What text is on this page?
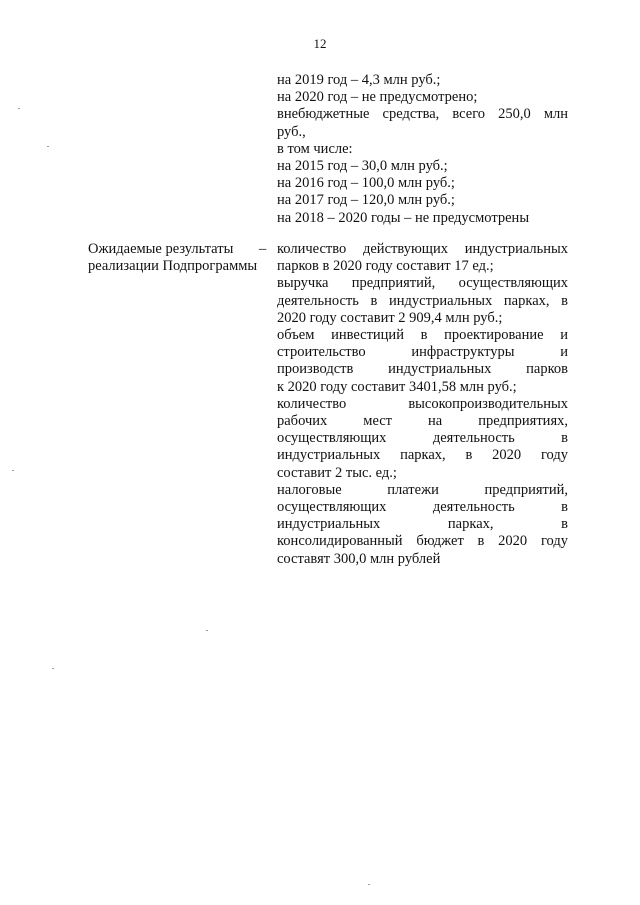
12
на 2019 год – 4,3 млн руб.;
на 2020 год – не предусмотрено;
внебюджетные средства, всего 250,0 млн
руб.,
в том числе:
на 2015 год – 30,0 млн руб.;
на 2016 год – 100,0 млн руб.;
на 2017 год – 120,0 млн руб.;
на 2018 – 2020 годы – не предусмотрены
Ожидаемые результаты
реализации Подпрограммы
– количество действующих индустриальных
парков в 2020 году составит 17 ед.;
выручка предприятий, осуществляющих
деятельность в индустриальных парках, в
2020 году составит 2 909,4 млн руб.;
объем инвестиций в проектирование и
строительство инфраструктуры и
производств индустриальных парков
к 2020 году составит 3401,58 млн руб.;
количество высокопроизводительных
рабочих мест на предприятиях,
осуществляющих деятельность в
индустриальных парках, в 2020 году
составит 2 тыс. ед.;
налоговые платежи предприятий,
осуществляющих деятельность в
индустриальных парках, в
консолидированный бюджет в 2020 году
составят 300,0 млн рублей
